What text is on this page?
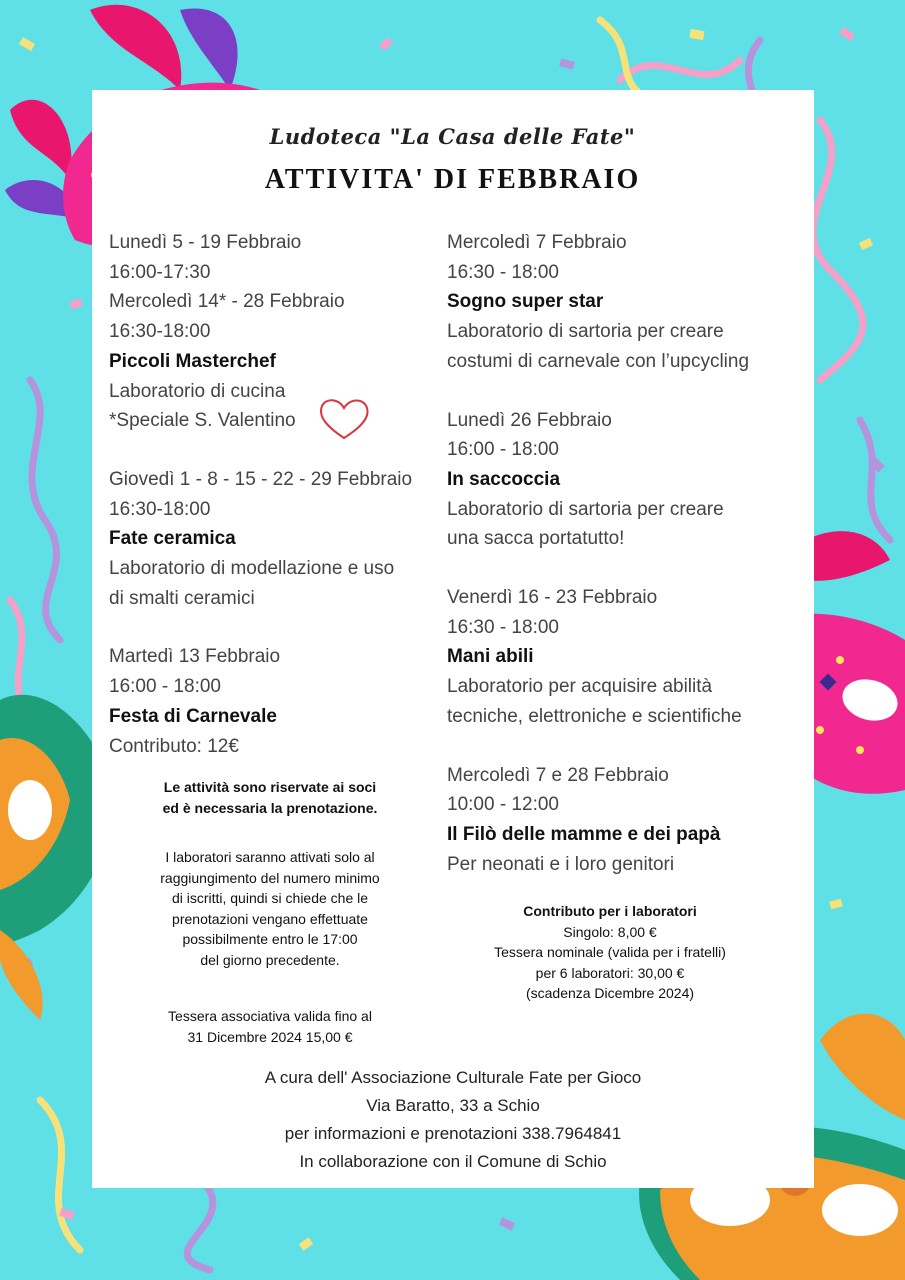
Ludoteca "La Casa delle Fate"
ATTIVITA' DI FEBBRAIO
Lunedì 5 - 19 Febbraio
16:00-17:30
Mercoledì 14* - 28 Febbraio
16:30-18:00
Piccoli Masterchef
Laboratorio di cucina
*Speciale S. Valentino
Giovedì 1 - 8 - 15 - 22 - 29 Febbraio
16:30-18:00
Fate ceramica
Laboratorio di modellazione e uso
di smalti ceramici
Martedì 13 Febbraio
16:00 - 18:00
Festa di Carnevale
Contributo: 12€
Mercoledì 7 Febbraio
16:30 - 18:00
Sogno super star
Laboratorio di sartoria per creare
costumi di carnevale con l’upcycling
Lunedì 26 Febbraio
16:00 - 18:00
In saccoccia
Laboratorio di sartoria per creare
una sacca portatutto!
Venerdì 16 - 23 Febbraio
16:30 - 18:00
Mani abili
Laboratorio per acquisire abilità
tecniche, elettroniche e scientifiche
Mercoledì 7 e 28 Febbraio
10:00 - 12:00
Il Filò delle mamme e dei papà
Per neonati e i loro genitori
Le attività sono riservate ai soci
ed è necessaria la prenotazione.
I laboratori saranno attivati solo al
raggiungimento del numero minimo
di iscritti, quindi si chiede che le
prenotazioni vengano effettuate
possibilmente entro le 17:00
del giorno precedente.
Tessera associativa valida fino al
31 Dicembre 2024 15,00 €
Contributo per i laboratori
Singolo: 8,00 €
Tessera nominale (valida per i fratelli)
per 6 laboratori: 30,00 €
(scadenza Dicembre 2024)
A cura dell' Associazione Culturale Fate per Gioco
Via Baratto, 33 a Schio
per informazioni e prenotazioni 338.7964841
In collaborazione con il Comune di Schio
